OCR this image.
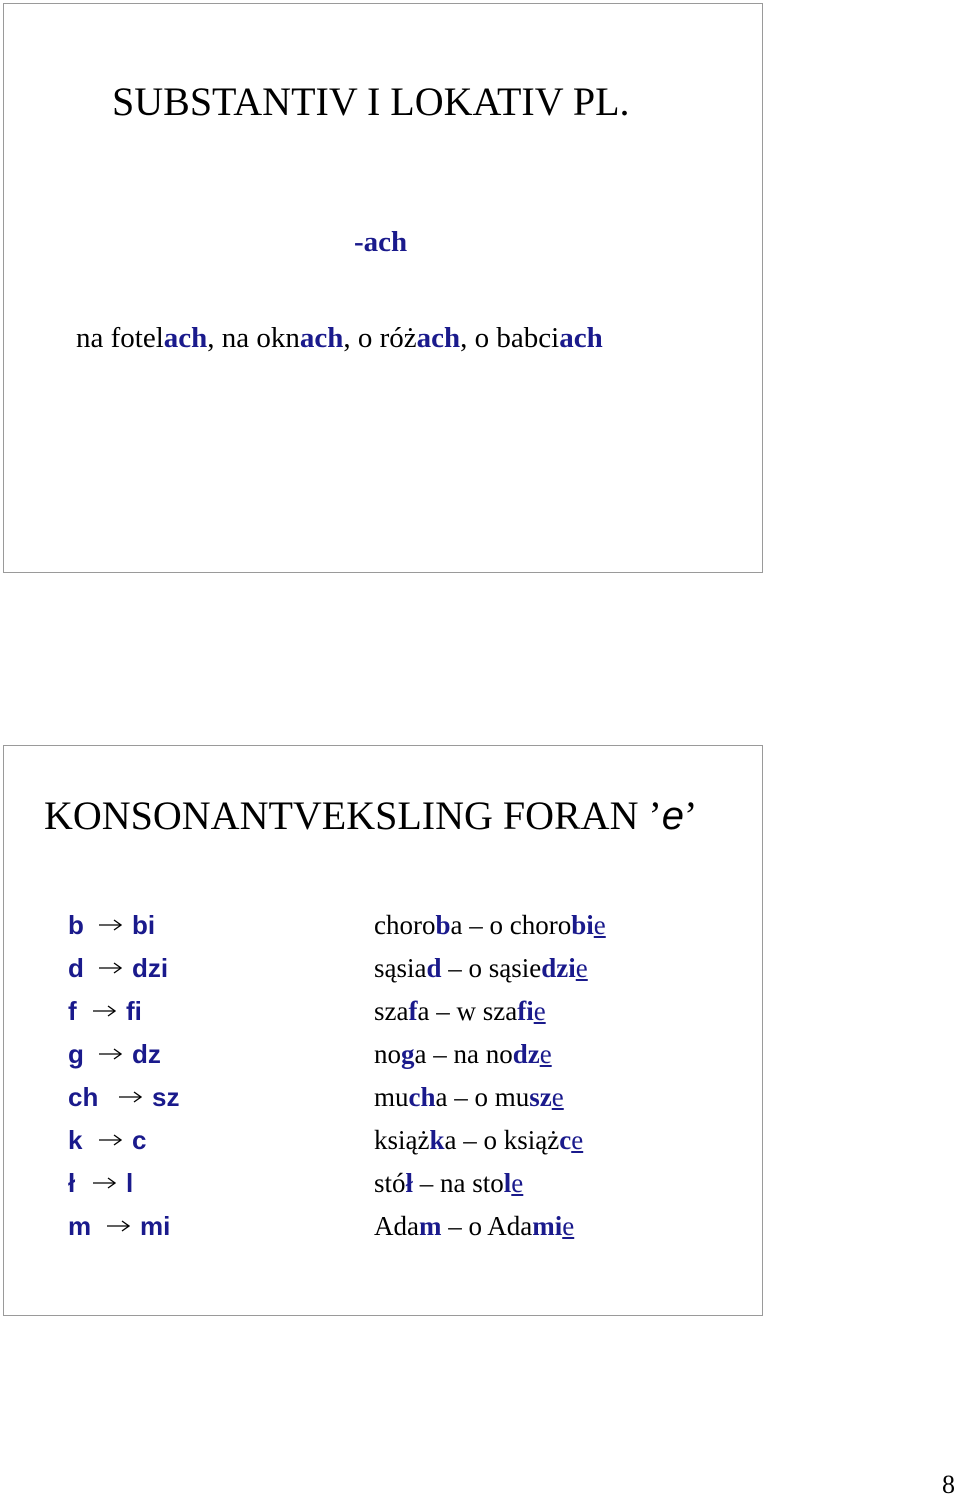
SUBSTANTIV I LOKATIV PL.
-ach
na fotelach, na oknach, o różach, o babciach
KONSONANTVEKSLING FORAN ’e’
b bi
d dzi
f fi
g dz
ch sz
k c
ł l
m mi
choroba – o chorobie
sąsiad – o sąsiedzie
szafa – w szafie
noga – na nodze
mucha – o musze
książka – o książce
stół – na stole
Adam – o Adamie
8
